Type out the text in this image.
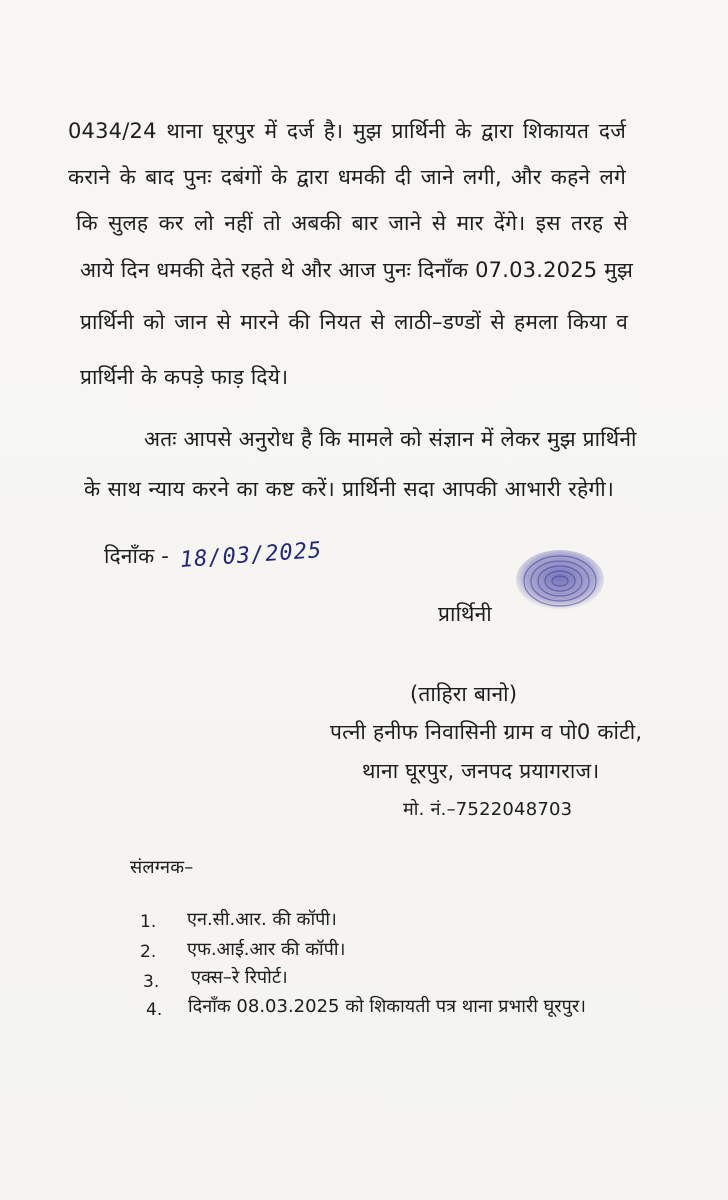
0434/24 थाना घूरपुर में दर्ज है। मुझ प्रार्थिनी के द्वारा शिकायत दर्ज
कराने के बाद पुनः दबंगों के द्वारा धमकी दी जाने लगी, और कहने लगे
कि सुलह कर लो नहीं तो अबकी बार जाने से मार देंगे। इस तरह से
आये दिन धमकी देते रहते थे और आज पुनः दिनाँक 07.03.2025 मुझ
प्रार्थिनी को जान से मारने की नियत से लाठी–डण्डों से हमला किया व
प्रार्थिनी के कपड़े फाड़ दिये।
अतः आपसे अनुरोध है कि मामले को संज्ञान में लेकर मुझ प्रार्थिनी
के साथ न्याय करने का कष्ट करें। प्रार्थिनी सदा आपकी आभारी रहेगी।
दिनाँक - 18/03/2025
प्रार्थिनी
(ताहिरा बानो)
पत्नी हनीफ निवासिनी ग्राम व पो0 कांटी,
थाना घूरपुर, जनपद प्रयागराज।
मो. नं.–7522048703
संलग्नक–
1.	एन.सी.आर. की कॉपी।
2.	एफ.आई.आर की कॉपी।
3.	एक्स–रे रिपोर्ट।
4.	दिनाँक 08.03.2025 को शिकायती पत्र थाना प्रभारी घूरपुर।
